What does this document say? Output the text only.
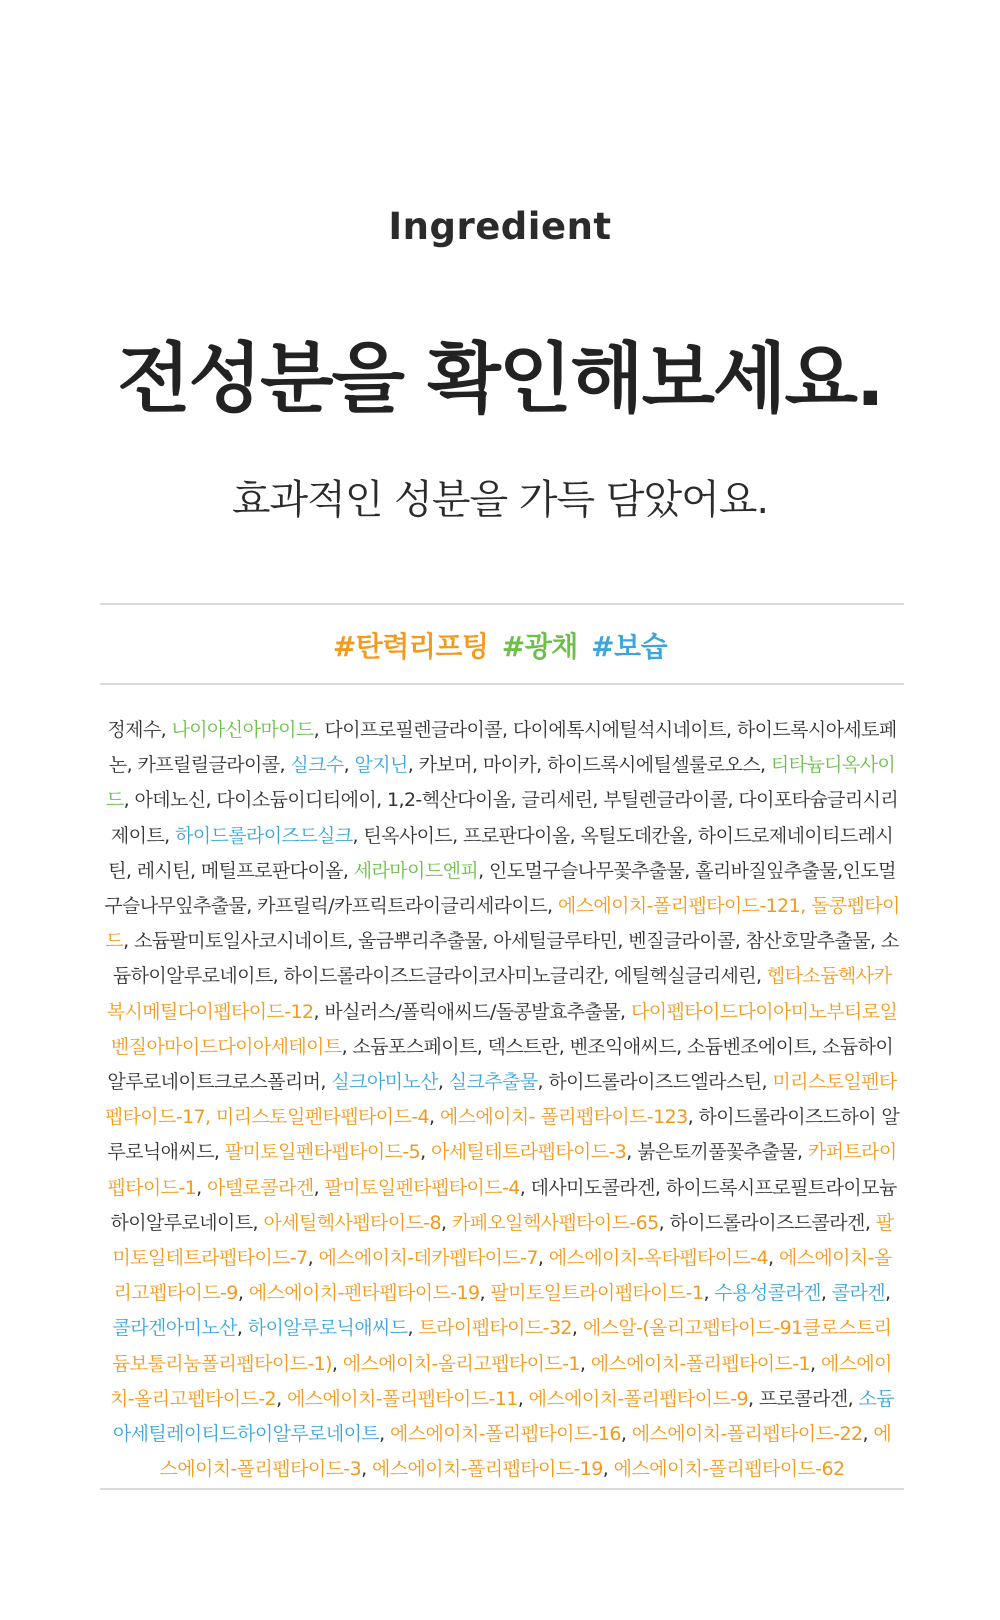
Ingredient
전성분을 확인해보세요.
효과적인 성분을 가득 담았어요.
#탄력리프팅 #광채 #보습
정제수, 나이아신아마이드, 다이프로필렌글라이콜, 다이에톡시에틸석시네이트, 하이드록시아세토페논, 카프릴릴글라이콜, 실크수, 알지닌, 카보머, 마이카, 하이드록시에틸셀룰로오스, 티타늄디옥사이드, 아데노신, 다이소듐이디티에이, 1,2-헥산다이올, 글리세린, 부틸렌글라이콜, 다이포타슘글리시리제이트, 하이드롤라이즈드실크, 틴옥사이드, 프로판다이올, 옥틸도데칸올, 하이드로제네이티드레시틴, 레시틴, 메틸프로판다이올, 세라마이드엔피, 인도멀구슬나무꽃추출물, 홀리바질잎추출물,인도멀구슬나무잎추출물, 카프릴릭/카프릭트라이글리세라이드, 에스에이치-폴리펩타이드-121, 돌콩펩타이드, 소듐팔미토일사코시네이트, 울금뿌리추출물, 아세틸글루타민, 벤질글라이콜, 참산호말추출물, 소듐하이알루로네이트, 하이드롤라이즈드글라이코사미노글리칸, 에틸헥실글리세린, 헵타소듐헥사카복시메틸다이펩타이드-12, 바실러스/폴릭애씨드/돌콩발효추출물, 다이펩타이드다이아미노부티로일벤질아마이드다이아세테이트, 소듐포스페이트, 덱스트란, 벤조익애씨드, 소듐벤조에이트, 소듐하이알루로네이트크로스폴리머, 실크아미노산, 실크추출물, 하이드롤라이즈드엘라스틴, 미리스토일펜타펩타이드-17, 미리스토일펜타펩타이드-4, 에스에이치- 폴리펩타이드-123, 하이드롤라이즈드하이 알루로닉애씨드, 팔미토일펜타펩타이드-5, 아세틸테트라펩타이드-3, 붉은토끼풀꽃추출물, 카퍼트라이펩타이드-1, 아텔로콜라겐, 팔미토일펜타펩타이드-4, 데사미도콜라겐, 하이드록시프로필트라이모늄하이알루로네이트, 아세틸헥사펩타이드-8, 카페오일헥사펩타이드-65, 하이드롤라이즈드콜라겐, 팔미토일테트라펩타이드-7, 에스에이치-데카펩타이드-7, 에스에이치-옥타펩타이드-4, 에스에이치-올리고펩타이드-9, 에스에이치-펜타펩타이드-19, 팔미토일트라이펩타이드-1, 수용성콜라겐, 콜라겐, 콜라겐아미노산, 하이알루로닉애씨드, 트라이펩타이드-32, 에스알-(올리고펩타이드-91클로스트리듐보툴리눔폴리펩타이드-1), 에스에이치-올리고펩타이드-1, 에스에이치-폴리펩타이드-1, 에스에이치-올리고펩타이드-2, 에스에이치-폴리펩타이드-11, 에스에이치-폴리펩타이드-9, 프로콜라겐, 소듐아세틸레이티드하이알루로네이트, 에스에이치-폴리펩타이드-16, 에스에이치-폴리펩타이드-22, 에스에이치-폴리펩타이드-3, 에스에이치-폴리펩타이드-19, 에스에이치-폴리펩타이드-62
